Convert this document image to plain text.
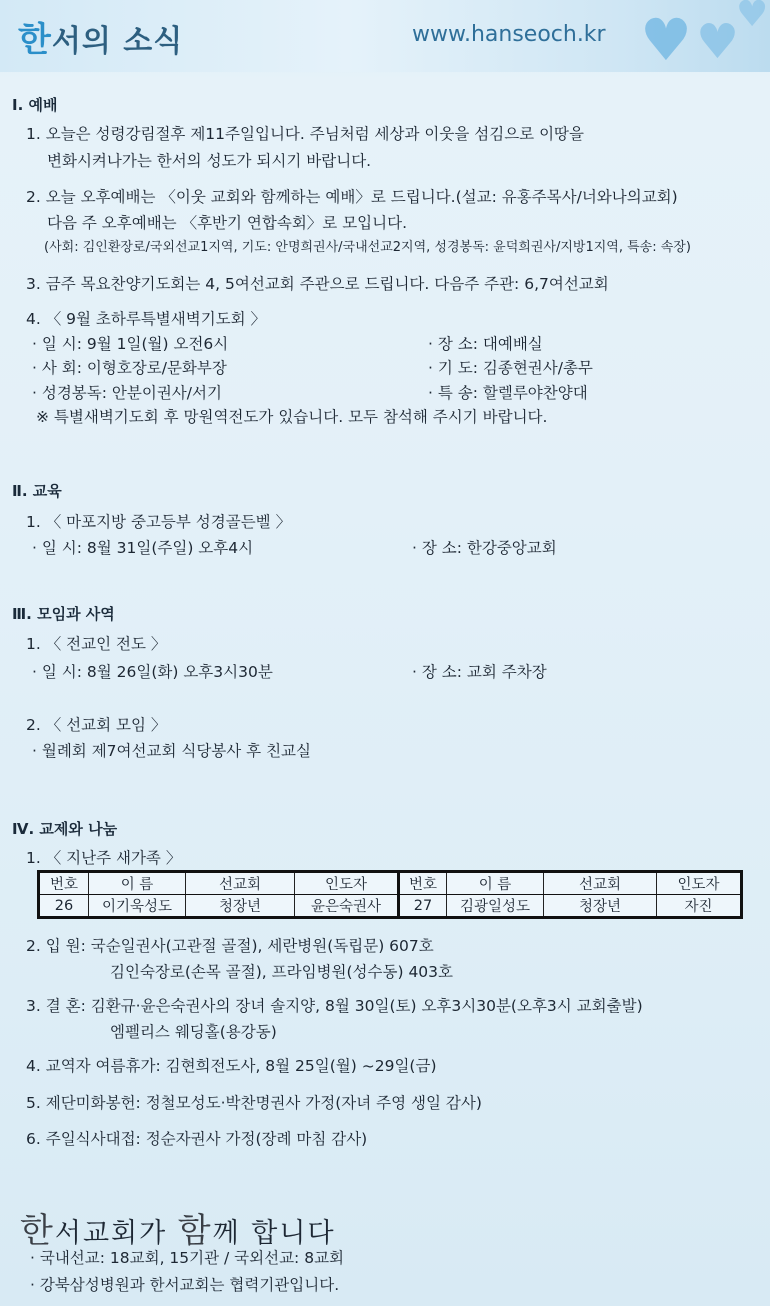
한서의 소식	www.hanseoch.kr ♥ ♥
♥
Ⅰ. 예배
1. 오늘은 성령강림절후 제11주일입니다. 주님처럼 세상과 이웃을 섬김으로 이땅을
변화시켜나가는 한서의 성도가 되시기 바랍니다.
2. 오늘 오후예배는 〈이웃 교회와 함께하는 예배〉로 드립니다.(설교: 유홍주목사/너와나의교회)
다음 주 오후예배는 〈후반기 연합속회〉로 모입니다.
(사회: 김인환장로/국외선교1지역, 기도: 안명희권사/국내선교2지역, 성경봉독: 윤덕희권사/지방1지역, 특송: 속장)
3. 금주 목요찬양기도회는 4, 5여선교회 주관으로 드립니다. 다음주 주관: 6,7여선교회
4. 〈 9월 초하루특별새벽기도회 〉
· 일 시: 9월 1일(월) 오전6시	· 장 소: 대예배실
· 사 회: 이형호장로/문화부장	· 기 도: 김종현권사/총무
· 성경봉독: 안분이권사/서기	· 특 송: 할렐루야찬양대
※ 특별새벽기도회 후 망원역전도가 있습니다. 모두 참석해 주시기 바랍니다.
Ⅱ. 교육
1. 〈 마포지방 중고등부 성경골든벨 〉
· 일 시: 8월 31일(주일) 오후4시	· 장 소: 한강중앙교회
Ⅲ. 모임과 사역
1. 〈 전교인 전도 〉
· 일 시: 8월 26일(화) 오후3시30분	· 장 소: 교회 주차장
2. 〈 선교회 모임 〉
· 월례회 제7여선교회 식당봉사 후 친교실
Ⅳ. 교제와 나눔
1. 〈 지난주 새가족 〉
번호	이 름	선교회	인도자	번호	이 름	선교회	인도자
26	이기욱성도	청장년	윤은숙권사	27	김광일성도	청장년	자진
2. 입 원: 국순일권사(고관절 골절), 세란병원(독립문) 607호
김인숙장로(손목 골절), 프라임병원(성수동) 403호
3. 결 혼: 김환규·윤은숙권사의 장녀 솔지양, 8월 30일(토) 오후3시30분(오후3시 교회출발)
엠펠리스 웨딩홀(용강동)
4. 교역자 여름휴가: 김현희전도사, 8월 25일(월) ~29일(금)
5. 제단미화봉헌: 정철모성도·박찬명권사 가정(자녀 주영 생일 감사)
6. 주일식사대접: 정순자권사 가정(장례 마침 감사)
한서교회가 함께 합니다
· 국내선교: 18교회, 15기관 / 국외선교: 8교회
· 강북삼성병원과 한서교회는 협력기관입니다.
